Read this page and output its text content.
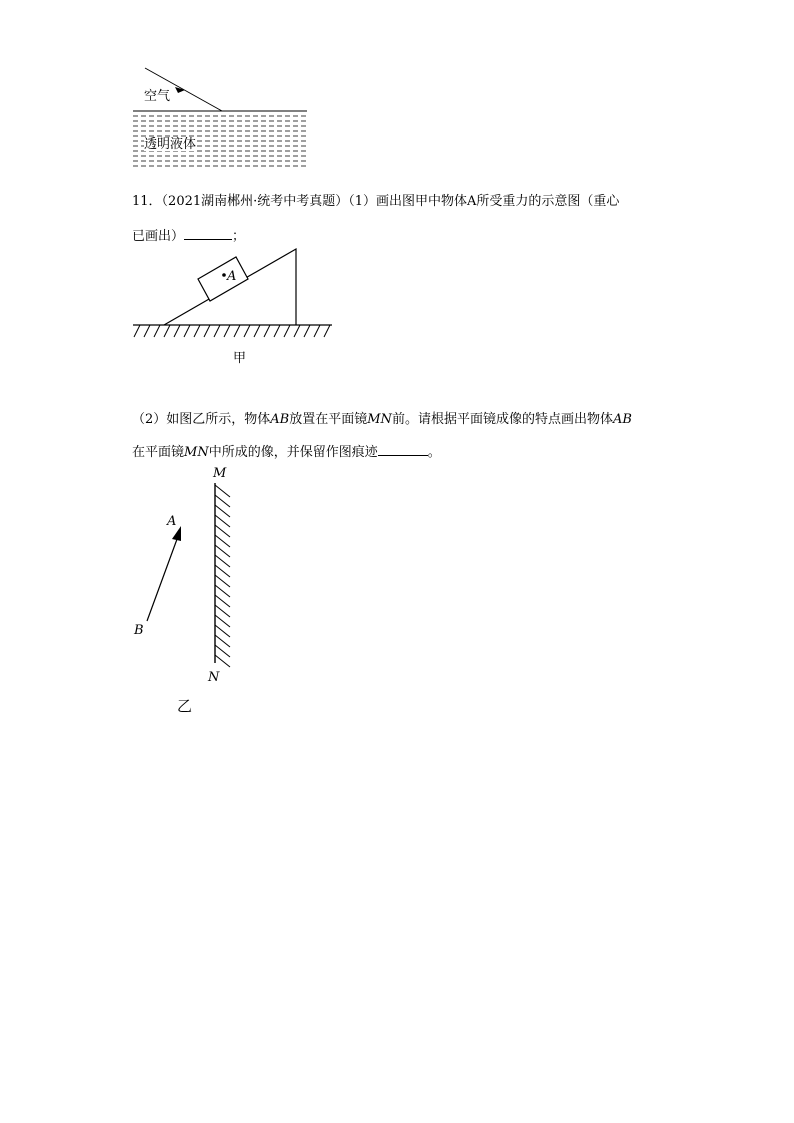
空气
透明液体
11．（2021湖南郴州·统考中考真题）（1）画出图甲中物体A所受重力的示意图（重心
已画出）	；
A
甲
（2）如图乙所示，物体AB放置在平面镜MN前。请根据平面镜成像的特点画出物体AB
在平面镜MN中所成的像，并保留作图痕迹	。
M
N
A
B
乙
